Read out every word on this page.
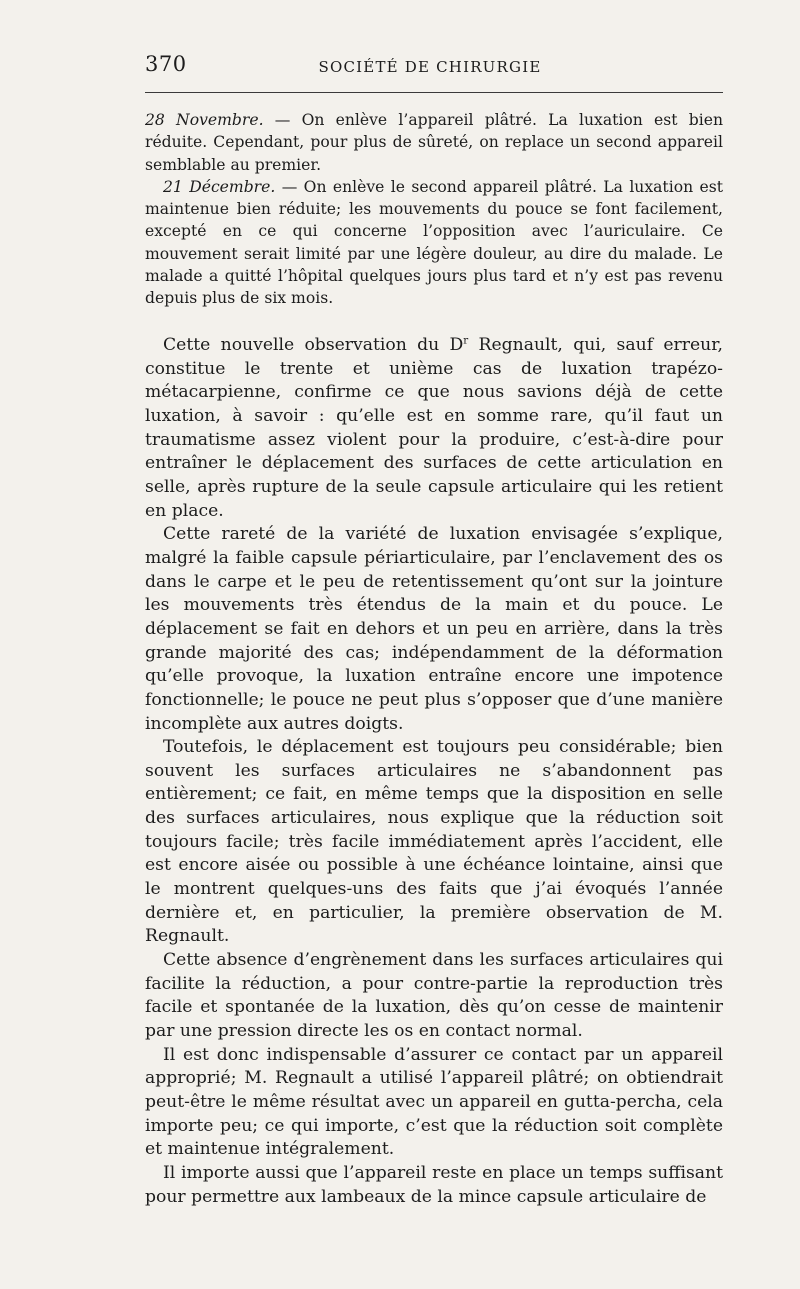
370	SOCIÉTÉ DE CHIRURGIE

28 Novembre. — On enlève l’appareil plâtré. La luxation est bien réduite. Cependant, pour plus de sûreté, on replace un second appareil semblable au premier.

21 Décembre. — On enlève le second appareil plâtré. La luxation est maintenue bien réduite; les mouvements du pouce se font facilement, excepté en ce qui concerne l’opposition avec l’auriculaire. Ce mouvement serait limité par une légère douleur, au dire du malade. Le malade a quitté l’hôpital quelques jours plus tard et n’y est pas revenu depuis plus de six mois.

Cette nouvelle observation du $D^r$ Regnault, qui, sauf erreur, constitue le trente et unième cas de luxation trapézo-métacarpienne, confirme ce que nous savions déjà de cette luxation, à savoir : qu’elle est en somme rare, qu’il faut un traumatisme assez violent pour la produire, c’est-à-dire pour entraîner le déplacement des surfaces de cette articulation en selle, après rupture de la seule capsule articulaire qui les retient en place.

Cette rareté de la variété de luxation envisagée s’explique, malgré la faible capsule périarticulaire, par l’enclavement des os dans le carpe et le peu de retentissement qu’ont sur la jointure les mouvements très étendus de la main et du pouce. Le déplacement se fait en dehors et un peu en arrière, dans la très grande majorité des cas; indépendamment de la déformation qu’elle provoque, la luxation entraîne encore une impotence fonctionnelle; le pouce ne peut plus s’opposer que d’une manière incomplète aux autres doigts.

Toutefois, le déplacement est toujours peu considérable; bien souvent les surfaces articulaires ne s’abandonnent pas entièrement; ce fait, en même temps que la disposition en selle des surfaces articulaires, nous explique que la réduction soit toujours facile; très facile immédiatement après l’accident, elle est encore aisée ou possible à une échéance lointaine, ainsi que le montrent quelques-uns des faits que j’ai évoqués l’année dernière et, en particulier, la première observation de M. Regnault.

Cette absence d’engrènement dans les surfaces articulaires qui facilite la réduction, a pour contre-partie la reproduction très facile et spontanée de la luxation, dès qu’on cesse de maintenir par une pression directe les os en contact normal.

Il est donc indispensable d’assurer ce contact par un appareil approprié; M. Regnault a utilisé l’appareil plâtré; on obtiendrait peut-être le même résultat avec un appareil en gutta-percha, cela importe peu; ce qui importe, c’est que la réduction soit complète et maintenue intégralement.

Il importe aussi que l’appareil reste en place un temps suffisant pour permettre aux lambeaux de la mince capsule articulaire de
